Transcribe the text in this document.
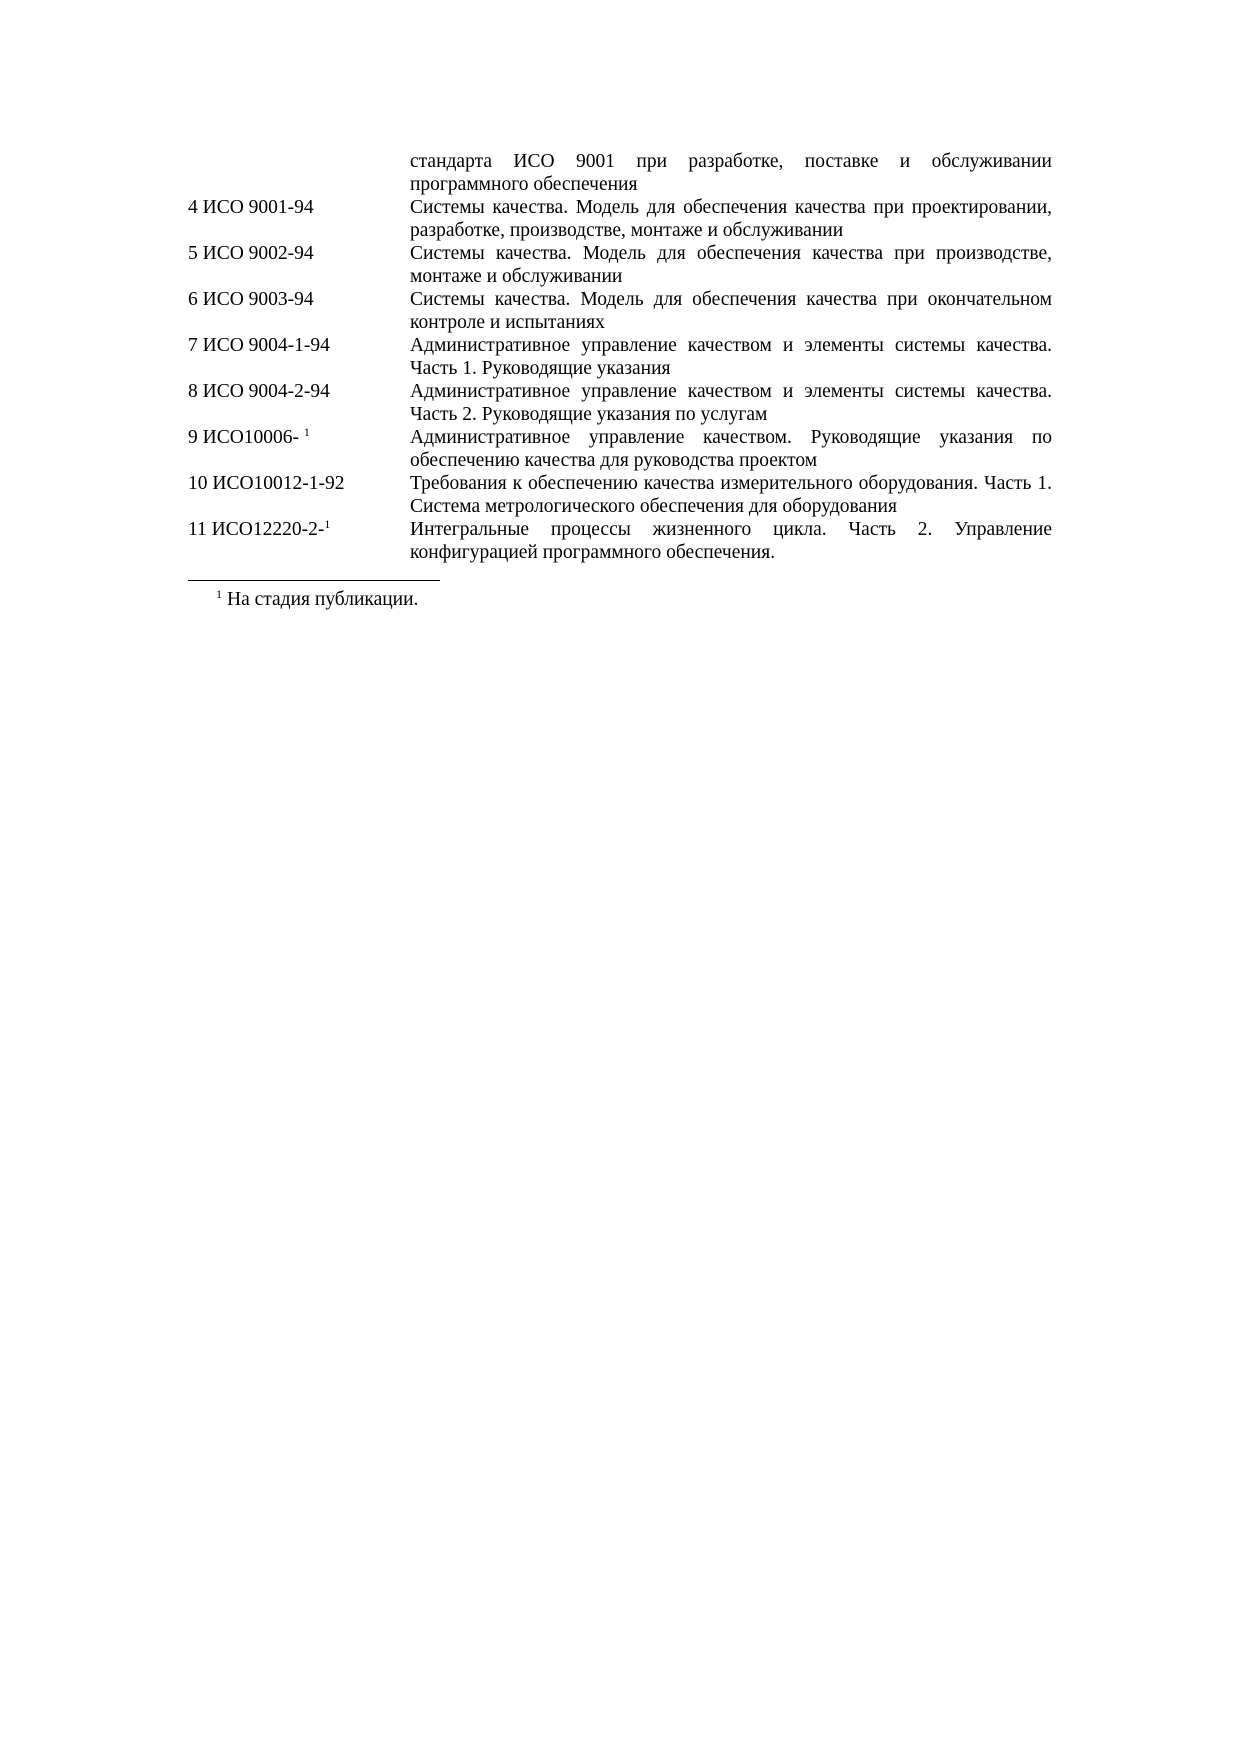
	стандарта ИСО 9001 при разработке, поставке и обслуживании программного обеспечения
4 ИСО 9001-94	Системы качества. Модель для обеспечения качества при проектировании, разработке, производстве, монтаже и обслуживании
5 ИСО 9002-94	Системы качества. Модель для обеспечения качества при производстве, монтаже и обслуживании
6 ИСО 9003-94	Системы качества. Модель для обеспечения качества при окончательном контроле и испытаниях
7 ИСО 9004-1-94	Административное управление качеством и элементы системы качества. Часть 1. Руководящие указания
8 ИСО 9004-2-94	Административное управление качеством и элементы системы качества. Часть 2. Руководящие указания по услугам
9 ИСО10006- $^1$	Административное управление качеством. Руководящие указания по обеспечению качества для руководства проектом
10 ИСО10012-1-92	Требования к обеспечению качества измерительного оборудования. Часть 1. Система метрологического обеспечения для оборудования
11 ИСО12220-2-$^1$	Интегральные процессы жизненного цикла. Часть 2. Управление конфигурацией программного обеспечения.
$^1$ На стадия публикации.
